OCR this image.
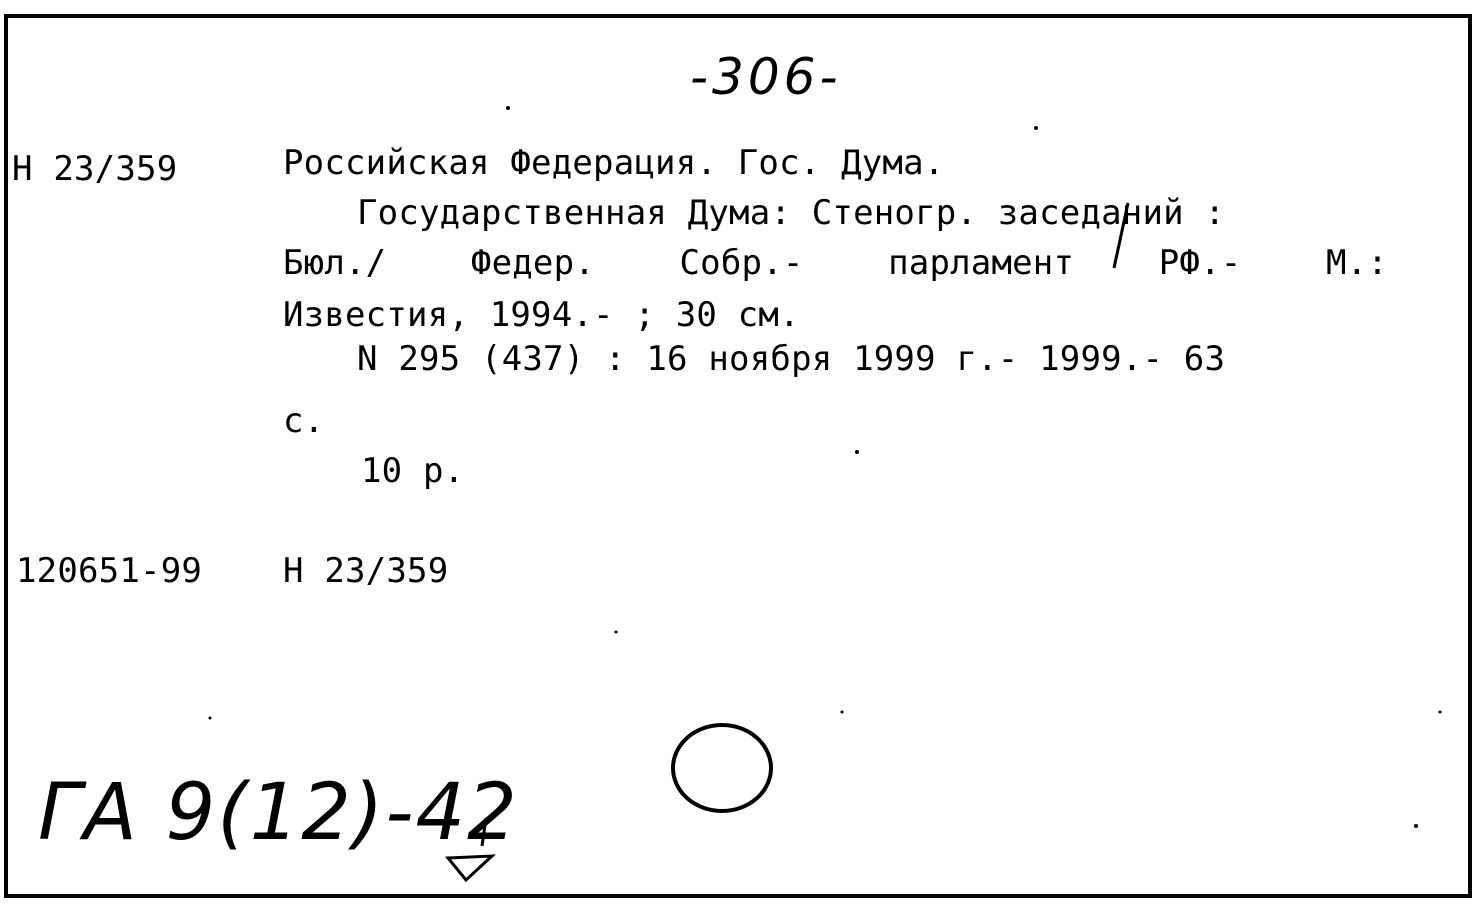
-306-
Н 23/359	Российская Федерация. Гос. Дума.
Государственная Дума: Стеногр. заседаний :
Бюл./ Федер. Собр.- парламент РФ.- М.:
Известия, 1994.- ; 30 см.
N 295 (437) : 16 ноября 1999 г.- 1999.- 63
с.
10 р.
120651-99 Н 23/359
ГА 9(12)-42
